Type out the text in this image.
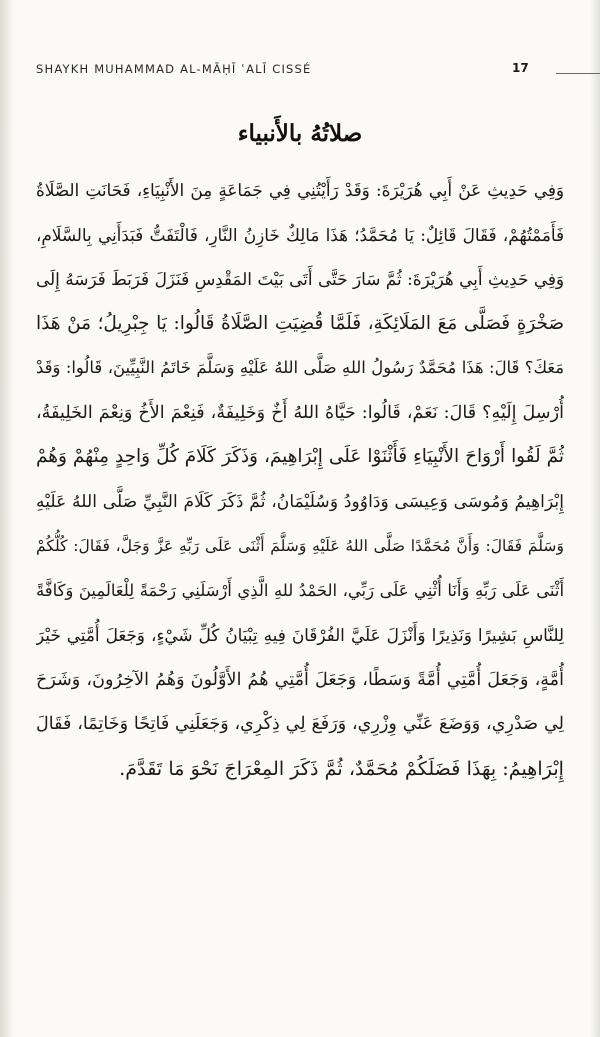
SHAYKH MUHAMMAD AL-MĀḤĪ ʿALĪ CISSÉ	17
صلاتُهُ بالأَنبياء
وَفِي حَدِيثِ عَنْ أَبِي هُرَيْرَةَ: وَقَدْ رَأَيْتُنِي فِي جَمَاعَةٍ مِنَ الأَنْبِيَاءِ، فَحَانَتِ الصَّلَاةُ
فَأَمَمْتُهُمْ، فَقَالَ قَائِلٌ: يَا مُحَمَّدُ؛ هَذَا مَالِكٌ خَازِنُ النَّارِ، فَالْتَفَتُّ فَبَدَأَنِي بِالسَّلَامِ،
وَفِي حَدِيثِ أَبِي هُرَيْرَةَ: ثُمَّ سَارَ حَتَّى أَتَى بَيْتَ المَقْدِسِ فَنَزَلَ فَرَبَطَ فَرَسَهُ إِلَى
صَخْرَةٍ فَصَلَّى مَعَ المَلَائِكَةِ، فَلَمَّا قُضِيَتِ الصَّلَاةُ قَالُوا: يَا جِبْرِيلُ؛ مَنْ هَذَا
مَعَكَ؟ قَالَ: هَذَا مُحَمَّدٌ رَسُولُ اللهِ صَلَّى اللهُ عَلَيْهِ وَسَلَّمَ خَاتَمُ النَّبِيِّينَ، قَالُوا: وَقَدْ
أُرْسِلَ إِلَيْهِ؟ قَالَ: نَعَمْ، قَالُوا: حَيَّاهُ اللهُ أَخٌ وَخَلِيفَةٌ، فَنِعْمَ الأَخُ وَنِعْمَ الخَلِيفَةُ،
ثُمَّ لَقُوا أَرْوَاحَ الأَنْبِيَاءِ فَأَثْنَوْا عَلَى إِبْرَاهِيمَ، وَذَكَرَ كَلَامَ كُلِّ وَاحِدٍ مِنْهُمْ وَهُمْ
إِبْرَاهِيمُ وَمُوسَى وَعِيسَى وَدَاوُودُ وَسُلَيْمَانُ، ثُمَّ ذَكَرَ كَلَامَ النَّبِيِّ صَلَّى اللهُ عَلَيْهِ
وَسَلَّمَ فَقَالَ: وَأَنَّ مُحَمَّدًا صَلَّى اللهُ عَلَيْهِ وَسَلَّمَ أَثْنَى عَلَى رَبِّهِ عَزَّ وَجَلَّ، فَقَالَ: كُلُّكُمْ
أَثْنَى عَلَى رَبِّهِ وَأَنَا أُثْنِي عَلَى رَبِّي، الحَمْدُ للهِ الَّذِي أَرْسَلَنِي رَحْمَةً لِلْعَالَمِينَ وَكَافَّةً
لِلنَّاسِ بَشِيرًا وَنَذِيرًا وَأَنْزَلَ عَلَيَّ الفُرْقَانَ فِيهِ تِبْيَانُ كُلِّ شَيْءٍ، وَجَعَلَ أُمَّتِي خَيْرَ
أُمَّةٍ، وَجَعَلَ أُمَّتِي أُمَّةً وَسَطًا، وَجَعَلَ أُمَّتِي هُمُ الأَوَّلُونَ وَهُمُ الآخِرُونَ، وَشَرَحَ
لِي صَدْرِي، وَوَضَعَ عَنِّي وِزْرِي، وَرَفَعَ لِي ذِكْرِي، وَجَعَلَنِي فَاتِحًا وَخَاتِمًا، فَقَالَ
إِبْرَاهِيمُ: بِهَذَا فَضَلَكُمْ مُحَمَّدٌ، ثُمَّ ذَكَرَ المِعْرَاجَ نَحْوَ مَا تَقَدَّمَ.
